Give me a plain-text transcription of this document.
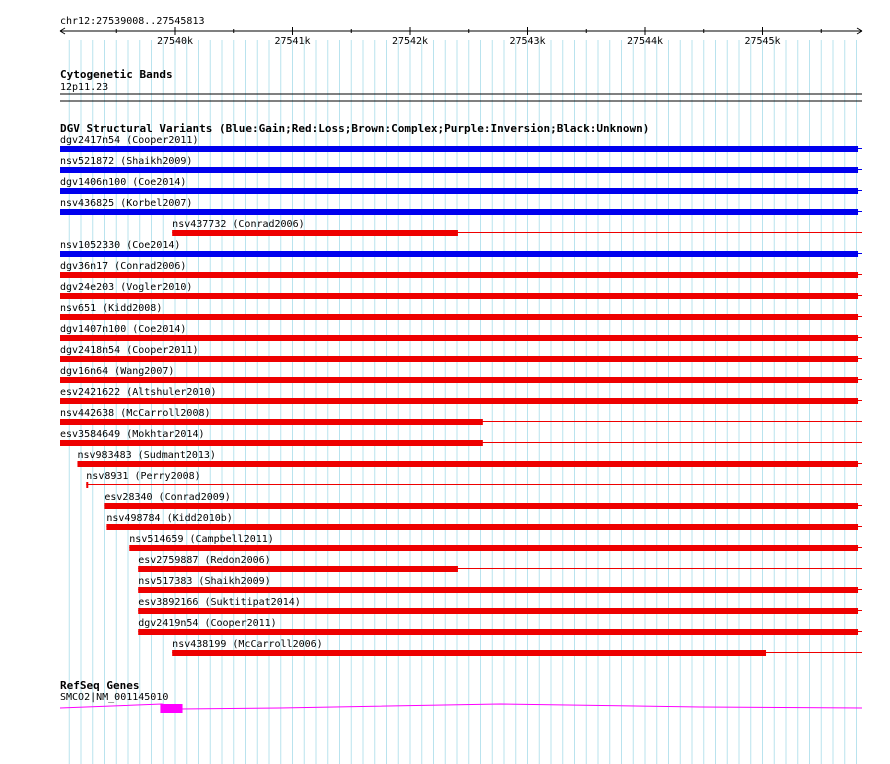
chr12:27539008..27545813
27540k	27541k	27542k	27543k	27544k	27545k
Cytogenetic Bands
12p11.23
DGV Structural Variants (Blue:Gain;Red:Loss;Brown:Complex;Purple:Inversion;Black:Unknown)
dgv2417n54 (Cooper2011)
nsv521872 (Shaikh2009)
dgv1406n100 (Coe2014)
nsv436825 (Korbel2007)
nsv437732 (Conrad2006)
nsv1052330 (Coe2014)
dgv36n17 (Conrad2006)
dgv24e203 (Vogler2010)
nsv651 (Kidd2008)
dgv1407n100 (Coe2014)
dgv2418n54 (Cooper2011)
dgv16n64 (Wang2007)
esv2421622 (Altshuler2010)
nsv442638 (McCarroll2008)
esv3584649 (Mokhtar2014)
nsv983483 (Sudmant2013)
nsv8931 (Perry2008)
esv28340 (Conrad2009)
nsv498784 (Kidd2010b)
nsv514659 (Campbell2011)
esv2759887 (Redon2006)
nsv517383 (Shaikh2009)
esv3892166 (Suktitipat2014)
dgv2419n54 (Cooper2011)
nsv438199 (McCarroll2006)
RefSeq Genes
SMCO2|NM_001145010
